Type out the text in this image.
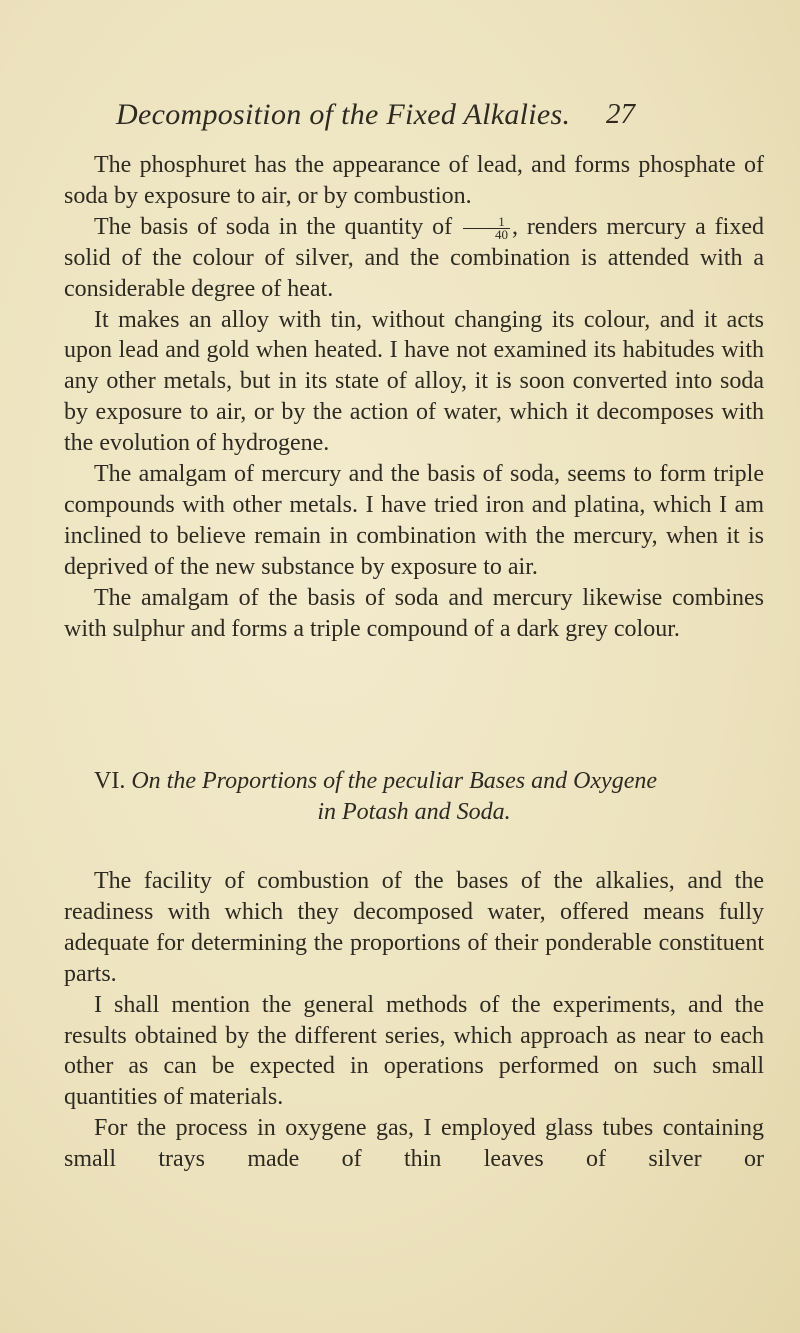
Decomposition of the Fixed Alkalies. 27

The phosphuret has the appearance of lead, and forms phosphate of soda by exposure to air, or by combustion.

The basis of soda in the quantity of $\frac{1}{40}$ , renders mercury a fixed solid of the colour of silver, and the combination is attended with a considerable degree of heat.

It makes an alloy with tin, without changing its colour, and it acts upon lead and gold when heated. I have not examined its habitudes with any other metals, but in its state of alloy, it is soon converted into soda by exposure to air, or by the action of water, which it decomposes with the evolution of hydrogene.

The amalgam of mercury and the basis of soda, seems to form triple compounds with other metals. I have tried iron and platina, which I am inclined to believe remain in combination with the mercury, when it is deprived of the new substance by exposure to air.

The amalgam of the basis of soda and mercury likewise combines with sulphur and forms a triple compound of a dark grey colour.

VI. On the Proportions of the peculiar Bases and Oxygene

in Potash and Soda.

The facility of combustion of the bases of the alkalies, and the readiness with which they decomposed water, offered means fully adequate for determining the proportions of their ponderable constituent parts.

I shall mention the general methods of the experiments, and the results obtained by the different series, which approach as near to each other as can be expected in operations performed on such small quantities of materials.

For the process in oxygene gas, I employed glass tubes containing small trays made of thin leaves of silver or
